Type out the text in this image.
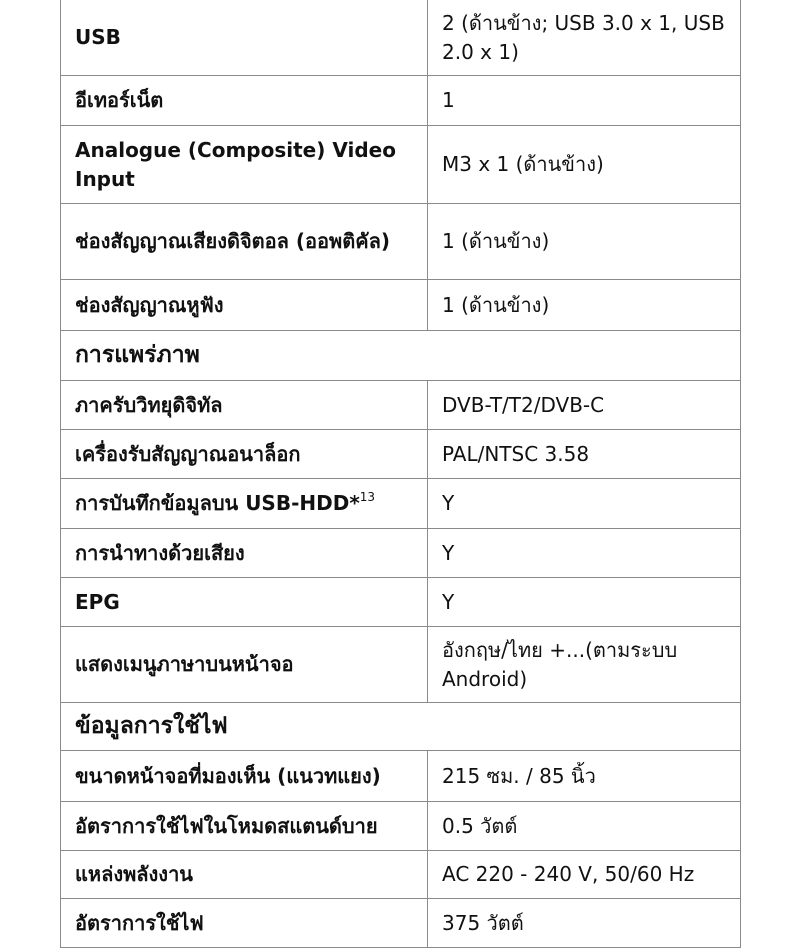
USB	2 (ด้านข้าง; USB 3.0 x 1, USB 2.0 x 1)
อีเทอร์เน็ต	1
Analogue (Composite) Video Input	M3 x 1 (ด้านข้าง)
ช่องสัญญาณเสียงดิจิตอล (ออพติคัล)	1 (ด้านข้าง)
ช่องสัญญาณหูฟัง	1 (ด้านข้าง)
การแพร่ภาพ	
ภาครับวิทยุดิจิทัล	DVB-T/T2/DVB-C
เครื่องรับสัญญาณอนาล็อก	PAL/NTSC 3.58
การบันทึกข้อมูลบน USB-HDD*$^{13}$	Y
การนำทางด้วยเสียง	Y
EPG	Y
แสดงเมนูภาษาบนหน้าจอ	อังกฤษ/ไทย +...(ตามระบบ Android)
ข้อมูลการใช้ไฟ	
ขนาดหน้าจอที่มองเห็น (แนวทแยง)	215 ซม. / 85 นิ้ว
อัตราการใช้ไฟในโหมดสแตนด์บาย	0.5 วัตต์
แหล่งพลังงาน	AC 220 - 240 V, 50/60 Hz
อัตราการใช้ไฟ	375 วัตต์
